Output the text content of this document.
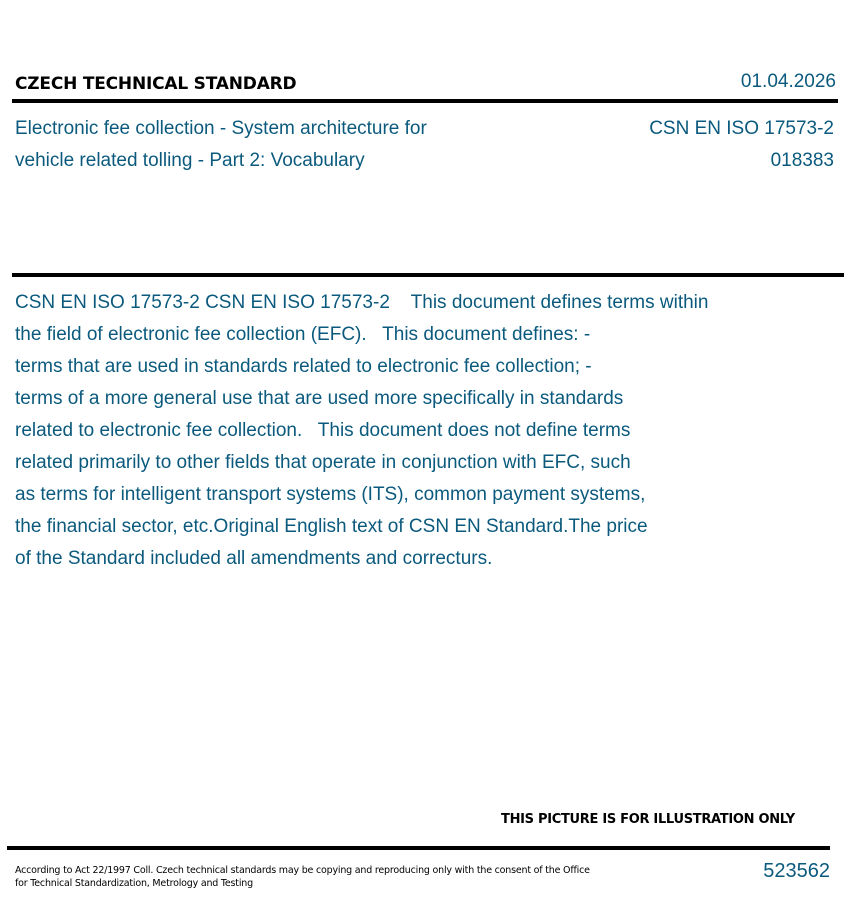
CZECH TECHNICAL STANDARD	01.04.2026
Electronic fee collection - System architecture for
vehicle related tolling - Part 2: Vocabulary
CSN EN ISO 17573-2
018383
CSN EN ISO 17573-2 CSN EN ISO 17573-2    This document defines terms within
the field of electronic fee collection (EFC).   This document defines: -
terms that are used in standards related to electronic fee collection; -
terms of a more general use that are used more specifically in standards
related to electronic fee collection.   This document does not define terms
related primarily to other fields that operate in conjunction with EFC, such
as terms for intelligent transport systems (ITS), common payment systems,
the financial sector, etc.Original English text of CSN EN Standard.The price
of the Standard included all amendments and correcturs.
THIS PICTURE IS FOR ILLUSTRATION ONLY
According to Act 22/1997 Coll. Czech technical standards may be copying and reproducing only with the consent of the Office
for Technical Standardization, Metrology and Testing
523562
